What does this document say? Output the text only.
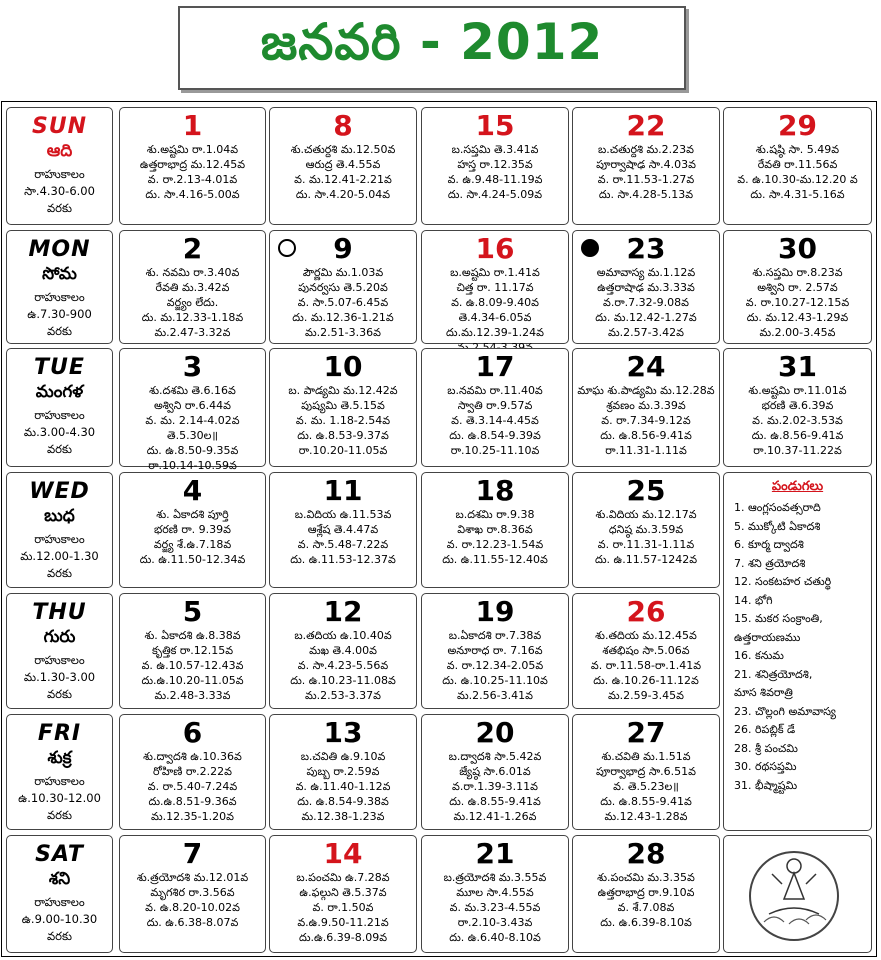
జనవరి - 2012
SUN
ఆది
రాహుకాలం
సా.4.30-6.00
వరకు
1
శు.అష్టమి రా.1.04వ
ఉత్తరాభాద్ర మ.12.45వ
వ. రా.2.13-4.01వ
దు. సా.4.16-5.00వ
8
శు.చతుర్దశి మ.12.50వ
ఆరుద్ర తె.4.55వ
వ. మ.12.41-2.21వ
దు. సా.4.20-5.04వ
15
బ.సప్తమి తె.3.41వ
హస్త రా.12.35వ
వ. ఉ.9.48-11.19వ
దు. సా.4.24-5.09వ
22
బ.చతుర్దశి మ.2.23వ
పూర్వాషాఢ సా.4.03వ
వ. రా.11.53-1.27వ
దు. సా.4.28-5.13వ
29
శు.షష్ఠి సా. 5.49వ
రేవతి రా.11.56వ
వ. ఉ.10.30-మ.12.20 వ
దు. సా.4.31-5.16వ
MON
సోమ
రాహుకాలం
ఉ.7.30-900
వరకు
2
శు. నవమి రా.3.40వ
రేవతి మ.3.42వ
వర్జ్యం లేదు.
దు. మ.12.33-1.18వ
మ.2.47-3.32వ
9
పౌర్ణమి మ.1.03వ
పునర్వసు తె.5.20వ
వ. సా.5.07-6.45వ
దు. మ.12.36-1.21వ
మ.2.51-3.36వ
16
బ.అష్టమి రా.1.41వ
చిత్త రా. 11.17వ
వ. ఉ.8.09-9.40వ
తె.4.34-6.05వ
దు.మ.12.39-1.24వ
23
అమావాస్య మ.1.12వ
ఉత్తరాషాఢ మ.3.33వ
వ.రా.7.32-9.08వ
దు. మ.12.42-1.27వ
మ.2.57-3.42వ
30
శు.సప్తమి రా.8.23వ
అశ్విని రా. 2.57వ
వ. రా.10.27-12.15వ
దు. మ.12.43-1.29వ
మ.2.00-3.45వ
TUE
మంగళ
రాహుకాలం
మ.3.00-4.30
వరకు
3
శు.దశమి తె.6.16వ
అశ్విని రా.6.44వ
వ. మ. 2.14-4.02వ
తె.5.30ల॥
దు. ఉ.8.50-9.35వ
రా.10.14-10.59వ
10
బ. పాడ్యమి మ.12.42వ
పుష్యమి తె.5.15వ
వ. మ. 1.18-2.54వ
దు. ఉ.8.53-9.37వ
రా.10.20-11.05వ
17
బ.నవమి రా.11.40వ
స్వాతి రా.9.57వ
వ. తె.3.14-4.45వ
దు. ఉ.8.54-9.39వ
రా.10.25-11.10వ
24
మాఘ శు.పాడ్యమి మ.12.28వ
శ్రవణం మ.3.39వ
వ. రా.7.34-9.12వ
దు. ఉ.8.56-9.41వ
రా.11.31-1.11వ
31
శు.అష్టమి రా.11.01వ
భరణి తె.6.39వ
వ. మ.2.02-3.53వ
దు. ఉ.8.56-9.41వ
రా.10.37-11.22వ
WED
బుధ
రాహుకాలం
మ.12.00-1.30
వరకు
4
శు. ఏకాదశి పూర్తి
భరణి రా. 9.39వ
వర్జ్య శే.ఉ.7.18వ
దు. ఉ.11.50-12.34వ
11
బ.విదియ ఉ.11.53వ
ఆశ్లేష తె.4.47వ
వ. సా.5.48-7.22వ
దు. ఉ.11.53-12.37వ
18
బ.దశమి రా.9.38
విశాఖ రా.8.36వ
వ. రా.12.23-1.54వ
దు. ఉ.11.55-12.40వ
25
శు.విదియ మ.12.17వ
ధనిష్ఠ మ.3.59వ
వ. రా.11.31-1.11వ
దు. ఉ.11.57-1242వ
THU
గురు
రాహుకాలం
మ.1.30-3.00
వరకు
5
శు. ఏకాదశి ఉ.8.38వ
కృత్తిక రా.12.15వ
వ. ఉ.10.57-12.43వ
దు.ఉ.10.20-11.05వ
మ.2.48-3.33వ
12
బ.తదియ ఉ.10.40వ
మఖ తె.4.00వ
వ. సా.4.23-5.56వ
దు. ఉ.10.23-11.08వ
మ.2.53-3.37వ
19
బ.ఏకాదశి రా.7.38వ
అనూరాధ రా. 7.16వ
వ. రా.12.34-2.05వ
దు. ఉ.10.25-11.10వ
మ.2.56-3.41వ
26
శు.తదియ మ.12.45వ
శతభిషం సా.5.06వ
వ. రా.11.58-రా.1.41వ
దు. ఉ.10.26-11.12వ
మ.2.59-3.45వ
FRI
శుక్ర
రాహుకాలం
ఉ.10.30-12.00
వరకు
6
శు.ద్వాదశి ఉ.10.36వ
రోహిణి రా.2.22వ
వ. రా.5.40-7.24వ
దు.ఉ.8.51-9.36వ
మ.12.35-1.20వ
13
బ.చవితి ఉ.9.10వ
పుబ్బ రా.2.59వ
వ. ఉ.11.40-1.12వ
దు. ఉ.8.54-9.38వ
మ.12.38-1.23వ
20
బ.ద్వాదశి సా.5.42వ
జ్యేష్ఠ సా.6.01వ
వ.రా.1.39-3.11వ
దు. ఉ.8.55-9.41వ
మ.12.41-1.26వ
27
శు.చవితి మ.1.51వ
పూర్వాభాద్ర సా.6.51వ
వ. తె.5.23ల॥
దు. ఉ.8.55-9.41వ
మ.12.43-1.28వ
SAT
శని
రాహుకాలం
ఉ.9.00-10.30
వరకు
7
శు.త్రయోదశి మ.12.01వ
మృగశిర రా.3.56వ
వ. ఉ.8.20-10.02వ
దు. ఉ.6.38-8.07వ
14
బ.పంచమి ఉ.7.28వ
ఉ.ఫల్గుని తె.5.37వ
వ. రా.1.50వ
వ.ఉ.9.50-11.21వ
దు.ఉ.6.39-8.09వ
21
బ.త్రయోదశి మ.3.55వ
మూల సా.4.55వ
వ. మ.3.23-4.55వ
రా.2.10-3.43వ
దు. ఉ.6.40-8.10వ
28
శు.పంచమి మ.3.35వ
ఉత్తరాభాద్ర రా.9.10వ
వ. శే.7.08వ
దు. ఉ.6.39-8.10వ
పండుగలు
1. ఆంగ్లసంవత్సరాది
5. ముక్కోటి ఏకాదశి
6. కూర్మ ద్వాదశి
7. శని త్రయోదశి
12. సంకటహర చతుర్థి
14. భోగి
15. మకర సంక్రాంతి,
ఉత్తరాయణము
16. కనుమ
21. శనిత్రయోదశి,
మాస శివరాత్రి
23. చొల్లంగి అమావాస్య
26. రిపబ్లిక్ డే
28. శ్రీ పంచమి
30. రథసప్తమి
31. భీష్మాష్టమి
